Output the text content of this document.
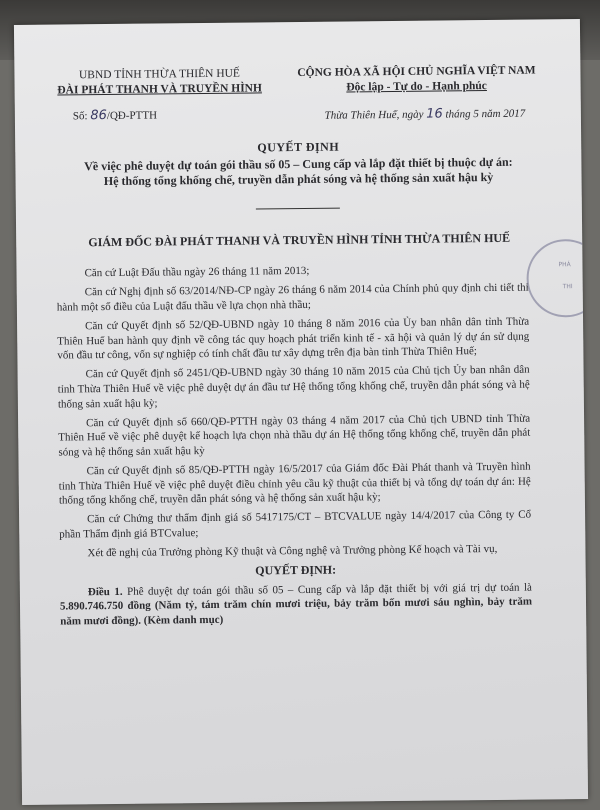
UBND TỈNH THỪA THIÊN HUẾ
ĐÀI PHÁT THANH VÀ TRUYỀN HÌNH
CỘNG HÒA XÃ HỘI CHỦ NGHĨA VIỆT NAM
Độc lập - Tự do - Hạnh phúc
Số: 86/QĐ-PTTH	Thừa Thiên Huế, ngày 16 tháng 5 năm 2017
QUYẾT ĐỊNH
Về việc phê duyệt dự toán gói thầu số 05 – Cung cấp và lắp đặt thiết bị thuộc dự án: Hệ thống tổng khống chế, truyền dẫn phát sóng và hệ thống sản xuất hậu kỳ
GIÁM ĐỐC ĐÀI PHÁT THANH VÀ TRUYỀN HÌNH TỈNH THỪA THIÊN HUẾ
PHÁ
THI

Căn cứ Luật Đấu thầu ngày 26 tháng 11 năm 2013;

Căn cứ Nghị định số 63/2014/NĐ-CP ngày 26 tháng 6 năm 2014 của Chính phủ quy định chi tiết thi hành một số điều của Luật đấu thầu về lựa chọn nhà thầu;

Căn cứ Quyết định số 52/QĐ-UBND ngày 10 tháng 8 năm 2016 của Ủy ban nhân dân tỉnh Thừa Thiên Huế ban hành quy định về công tác quy hoạch phát triển kinh tế - xã hội và quản lý dự án sử dụng vốn đầu tư công, vốn sự nghiệp có tính chất đầu tư xây dựng trên địa bàn tỉnh Thừa Thiên Huế;

Căn cứ Quyết định số 2451/QĐ-UBND ngày 30 tháng 10 năm 2015 của Chủ tịch Ủy ban nhân dân tỉnh Thừa Thiên Huế về việc phê duyệt dự án đầu tư Hệ thống tổng khống chế, truyền dẫn phát sóng và hệ thống sản xuất hậu kỳ;

Căn cứ Quyết định số 660/QĐ-PTTH ngày 03 tháng 4 năm 2017 của Chủ tịch UBND tỉnh Thừa Thiên Huế về việc phê duyệt kế hoạch lựa chọn nhà thầu dự án Hệ thống tổng khống chế, truyền dẫn phát sóng và hệ thống sản xuất hậu kỳ

Căn cứ Quyết định số 85/QĐ-PTTH ngày 16/5/2017 của Giám đốc Đài Phát thanh và Truyền hình tỉnh Thừa Thiên Huế về việc phê duyệt điều chỉnh yêu cầu kỹ thuật của thiết bị và tổng dự toán dự án: Hệ thống tổng khống chế, truyền dẫn phát sóng và hệ thống sản xuất hậu kỳ;

Căn cứ Chứng thư thẩm định giá số 5417175/CT – BTCVALUE ngày 14/4/2017 của Công ty Cổ phần Thẩm định giá BTCvalue;

Xét đề nghị của Trưởng phòng Kỹ thuật và Công nghệ và Trưởng phòng Kế hoạch và Tài vụ,

QUYẾT ĐỊNH:

Điều 1. Phê duyệt dự toán gói thầu số 05 – Cung cấp và lắp đặt thiết bị với giá trị dự toán là 5.890.746.750 đồng (Năm tỷ, tám trăm chín mươi triệu, bảy trăm bốn mươi sáu nghìn, bảy trăm năm mươi đồng). (Kèm danh mục)
